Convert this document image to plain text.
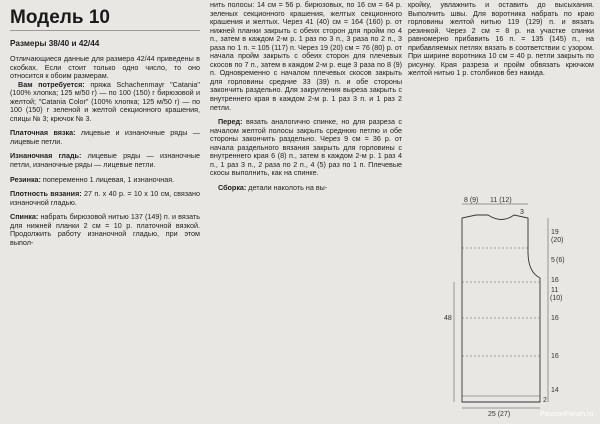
Модель 10
Размеры 38/40 и 42/44

Отличающиеся данные для размера 42/44 приведены в скобках. Если стоит только одно число, то оно относится к обоим размерам.

Вам потребуется: пряжа Schachenmayr "Catania" (100% хлопка; 125 м/50 г) — по 100 (150) г бирюзовой и желтой; "Catania Color" (100% хлопка; 125 м/50 г) — по 100 (150) г зеленой и желтой секционного крашения, спицы № 3; крючок № 3.

Платочная вязка: лицевые и изнаночные ряды — лицевые петли.

Изнаночная гладь: лицевые ряды — изнаночные петли, изнаночные ряды — лицевые петли.

Резинка: попеременно 1 лицевая, 1 изнаночная.

Плотность вязания: 27 п. х 40 р. = 10 х 10 см, связано изнаночной гладью.

Спинка: набрать бирюзовой нитью 137 (149) п. и вязать для нижней планки 2 см = 10 р. платочной вязкой. Продолжить работу изнаночной гладью, при этом выпол-

нить полосы: 14 см = 56 р. бирюзовых, по 16 см = 64 р. зеленых секционного крашения, желтых секционного крашения и желтых. Через 41 (40) см = 164 (160) р. от нижней планки закрыть с обеих сторон для пройм по 4 п., затем в каждом 2-м р. 1 раз по 3 п., 3 раза по 2 п., 3 раза по 1 п. = 105 (117) п. Через 19 (20) см = 76 (80) р. от начала пройм закрыть с обеих сторон для плечевых скосов по 7 п., затем в каждом 2-м р. еще 3 раза по 8 (9) п. Одновременно с началом плечевых скосов закрыть для горловины средние 33 (39) п. и обе стороны закончить раздельно. Для закругления выреза закрыть с внутреннего края в каждом 2-м р. 1 раз 3 п. и 1 раз 2 петли.

Перед: вязать аналогично спинке, но для разреза с началом желтой полосы закрыть среднюю петлю и обе стороны закончить раздельно. Через 9 см = 36 р. от начала раздельного вязания закрыть для горловины с внутреннего края 6 (8) п., затем в каждом 2-м р. 1 раз 4 п., 1 раз 3 п., 2 раза по 2 п., 4 (5) раз по 1 п. Плечевые скосы выполнить, как на спинке.

Сборка: детали наколоть на вы-

кройку, увлажнить и оставить до высыхания. Выполнить швы. Для воротника набрать по краю горловины желтой нитью 119 (129) п. и вязать резинкой. Через 2 см = 8 р. на участке спинки равномерно прибавить 16 п. = 135 (145) п., на прибавляемых петлях вязать в соответствии с узором. При ширине воротника 10 см = 40 р. петли закрыть по рисунку. Края разреза и пройм обвязать крючком желтой нитью 1 р. столбиков без накида.

8 (9) 11 (12)
3
19
(20)
5 (6)
16
11
(10)
16
16
14
48
2
25 (27)	PassionForum.ru
